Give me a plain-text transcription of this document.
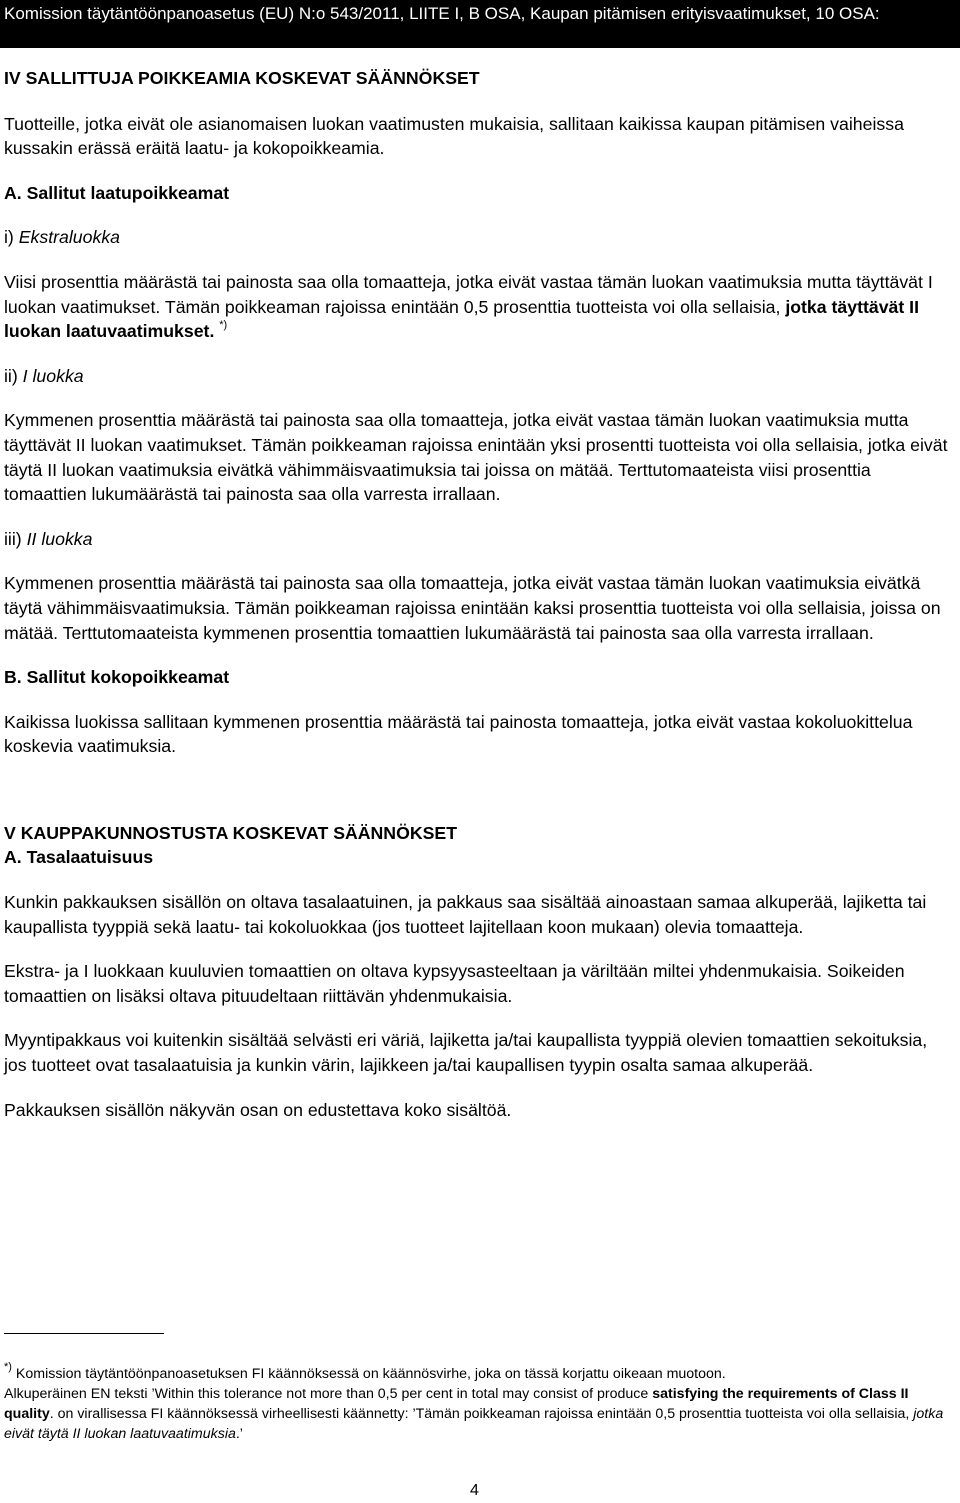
Komission täytäntöönpanoasetus (EU) N:o 543/2011, LIITE I, B OSA, Kaupan pitämisen erityisvaatimukset, 10 OSA:

IV SALLITTUJA POIKKEAMIA KOSKEVAT SÄÄNNÖKSET

Tuotteille, jotka eivät ole asianomaisen luokan vaatimusten mukaisia, sallitaan kaikissa kaupan pitämisen vaiheissa kussakin erässä eräitä laatu- ja kokopoikkeamia.

A. Sallitut laatupoikkeamat

i) Ekstraluokka

Viisi prosenttia määrästä tai painosta saa olla tomaatteja, jotka eivät vastaa tämän luokan vaatimuksia mutta täyttävät I luokan vaatimukset. Tämän poikkeaman rajoissa enintään 0,5 prosenttia tuotteista voi olla sellaisia, jotka täyttävät II luokan laatuvaatimukset. *)

ii) I luokka

Kymmenen prosenttia määrästä tai painosta saa olla tomaatteja, jotka eivät vastaa tämän luokan vaatimuksia mutta täyttävät II luokan vaatimukset. Tämän poikkeaman rajoissa enintään yksi prosentti tuotteista voi olla sellaisia, jotka eivät täytä II luokan vaatimuksia eivätkä vähimmäisvaatimuksia tai joissa on mätää. Terttutomaateista viisi prosenttia tomaattien lukumäärästä tai painosta saa olla varresta irrallaan.

iii) II luokka

Kymmenen prosenttia määrästä tai painosta saa olla tomaatteja, jotka eivät vastaa tämän luokan vaatimuksia eivätkä täytä vähimmäisvaatimuksia. Tämän poikkeaman rajoissa enintään kaksi prosenttia tuotteista voi olla sellaisia, joissa on mätää. Terttutomaateista kymmenen prosenttia tomaattien lukumäärästä tai painosta saa olla varresta irrallaan.

B. Sallitut kokopoikkeamat

Kaikissa luokissa sallitaan kymmenen prosenttia määrästä tai painosta tomaatteja, jotka eivät vastaa kokoluokittelua koskevia vaatimuksia.

V KAUPPAKUNNOSTUSTA KOSKEVAT SÄÄNNÖKSET

A. Tasalaatuisuus

Kunkin pakkauksen sisällön on oltava tasalaatuinen, ja pakkaus saa sisältää ainoastaan samaa alkuperää, lajiketta tai kaupallista tyyppiä sekä laatu- tai kokoluokkaa (jos tuotteet lajitellaan koon mukaan) olevia tomaatteja.

Ekstra- ja I luokkaan kuuluvien tomaattien on oltava kypsyysasteeltaan ja väriltään miltei yhdenmukaisia. Soikeiden tomaattien on lisäksi oltava pituudeltaan riittävän yhdenmukaisia.

Myyntipakkaus voi kuitenkin sisältää selvästi eri väriä, lajiketta ja/tai kaupallista tyyppiä olevien tomaattien sekoituksia, jos tuotteet ovat tasalaatuisia ja kunkin värin, lajikkeen ja/tai kaupallisen tyypin osalta samaa alkuperää.

Pakkauksen sisällön näkyvän osan on edustettava koko sisältöä.

*) Komission täytäntöönpanoasetuksen FI käännöksessä on käännösvirhe, joka on tässä korjattu oikeaan muotoon.

Alkuperäinen EN teksti ’Within this tolerance not more than 0,5 per cent in total may consist of produce satisfying the requirements of Class II quality. on virallisessa FI käännöksessä virheellisesti käännetty: ’Tämän poikkeaman rajoissa enintään 0,5 prosenttia tuotteista voi olla sellaisia, jotka eivät täytä II luokan laatuvaatimuksia.’

4
